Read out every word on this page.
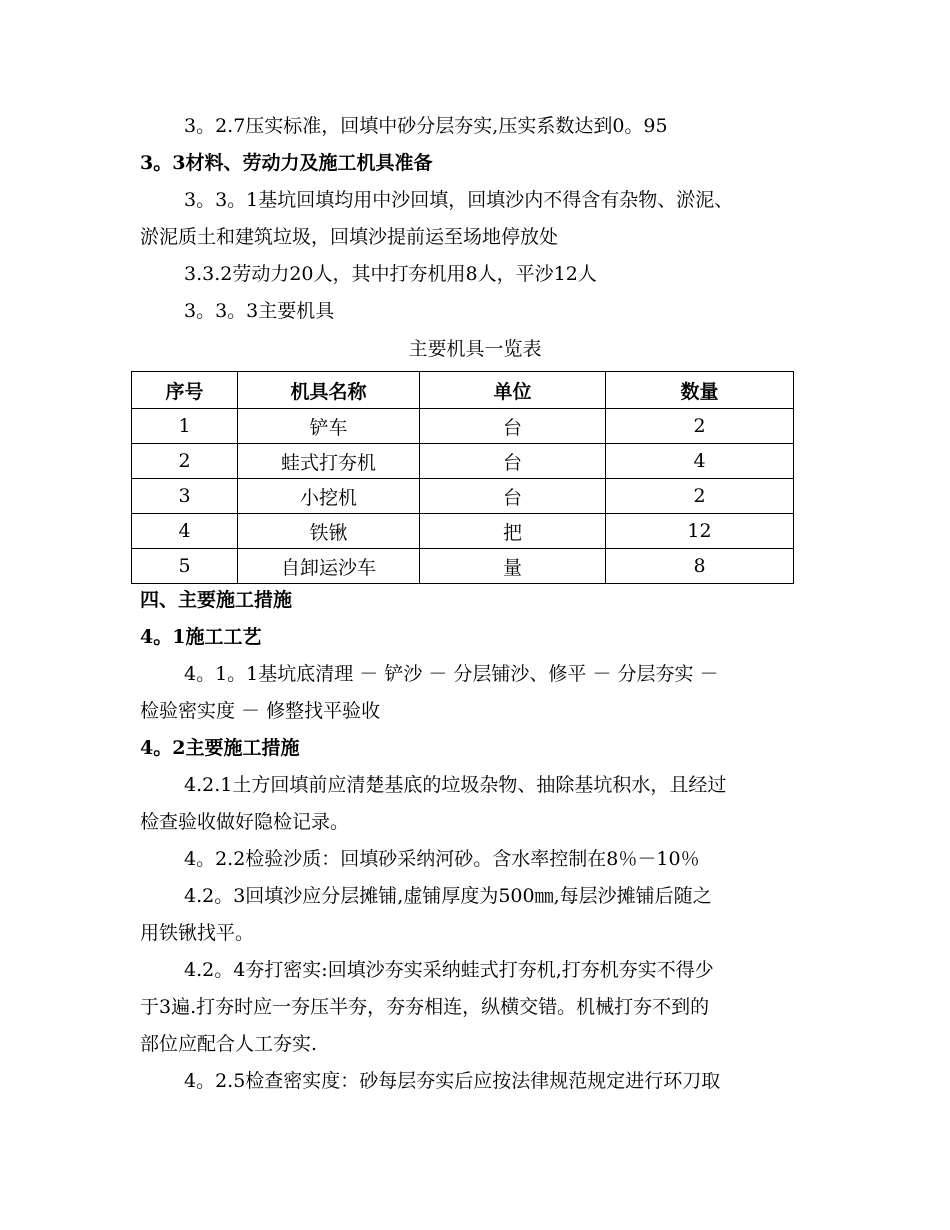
3。2.7压实标准，回填中砂分层夯实,压实系数达到0。95
3。3材料、劳动力及施工机具准备
3。3。1基坑回填均用中沙回填，回填沙内不得含有杂物、淤泥、
淤泥质土和建筑垃圾，回填沙提前运至场地停放处
3.3.2劳动力20人，其中打夯机用8人，平沙12人
3。3。3主要机具
主要机具一览表
序号	机具名称	单位	数量
1	铲车	台	2
2	蛙式打夯机	台	4
3	小挖机	台	2
4	铁锹	把	12
5	自卸运沙车	量	8
四、主要施工措施
4。1施工工艺
4。1。1基坑底清理 － 铲沙 － 分层铺沙、修平 － 分层夯实 －
检验密实度 － 修整找平验收
4。2主要施工措施
4.2.1土方回填前应清楚基底的垃圾杂物、抽除基坑积水，且经过
检查验收做好隐检记录。
4。2.2检验沙质：回填砂采纳河砂。含水率控制在8％－10％
4.2。3回填沙应分层摊铺,虚铺厚度为500㎜,每层沙摊铺后随之
用铁锹找平。
4.2。4夯打密实:回填沙夯实采纳蛙式打夯机,打夯机夯实不得少
于3遍.打夯时应一夯压半夯，夯夯相连，纵横交错。机械打夯不到的
部位应配合人工夯实.
4。2.5检查密实度：砂每层夯实后应按法律规范规定进行环刀取
